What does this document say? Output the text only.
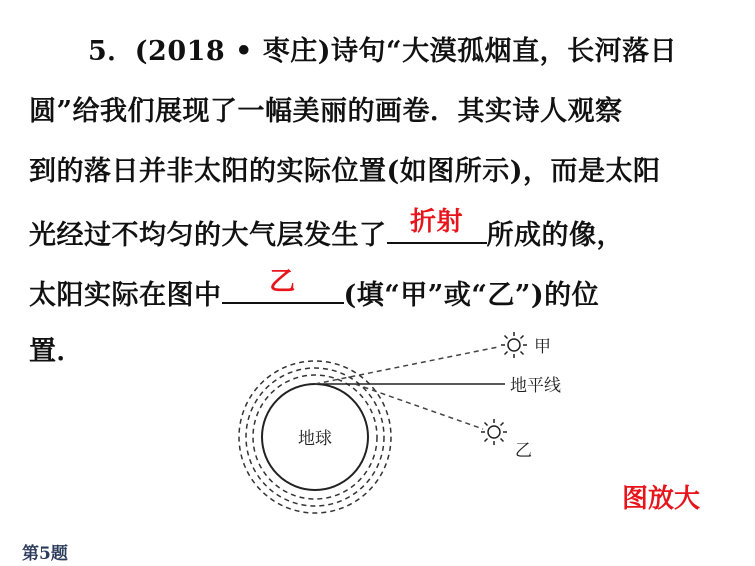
5．(2018 • 枣庄)诗句“大漠孤烟直，长河落日
圆”给我们展现了一幅美丽的画卷．其实诗人观察
到的落日并非太阳的实际位置(如图所示)，而是太阳
光经过不均匀的大气层发生了 折射 所成的像，
太阳实际在图中	乙	(填“甲”或“乙”)的位
置．
地球
地平线
甲
乙
图放大
第5题
